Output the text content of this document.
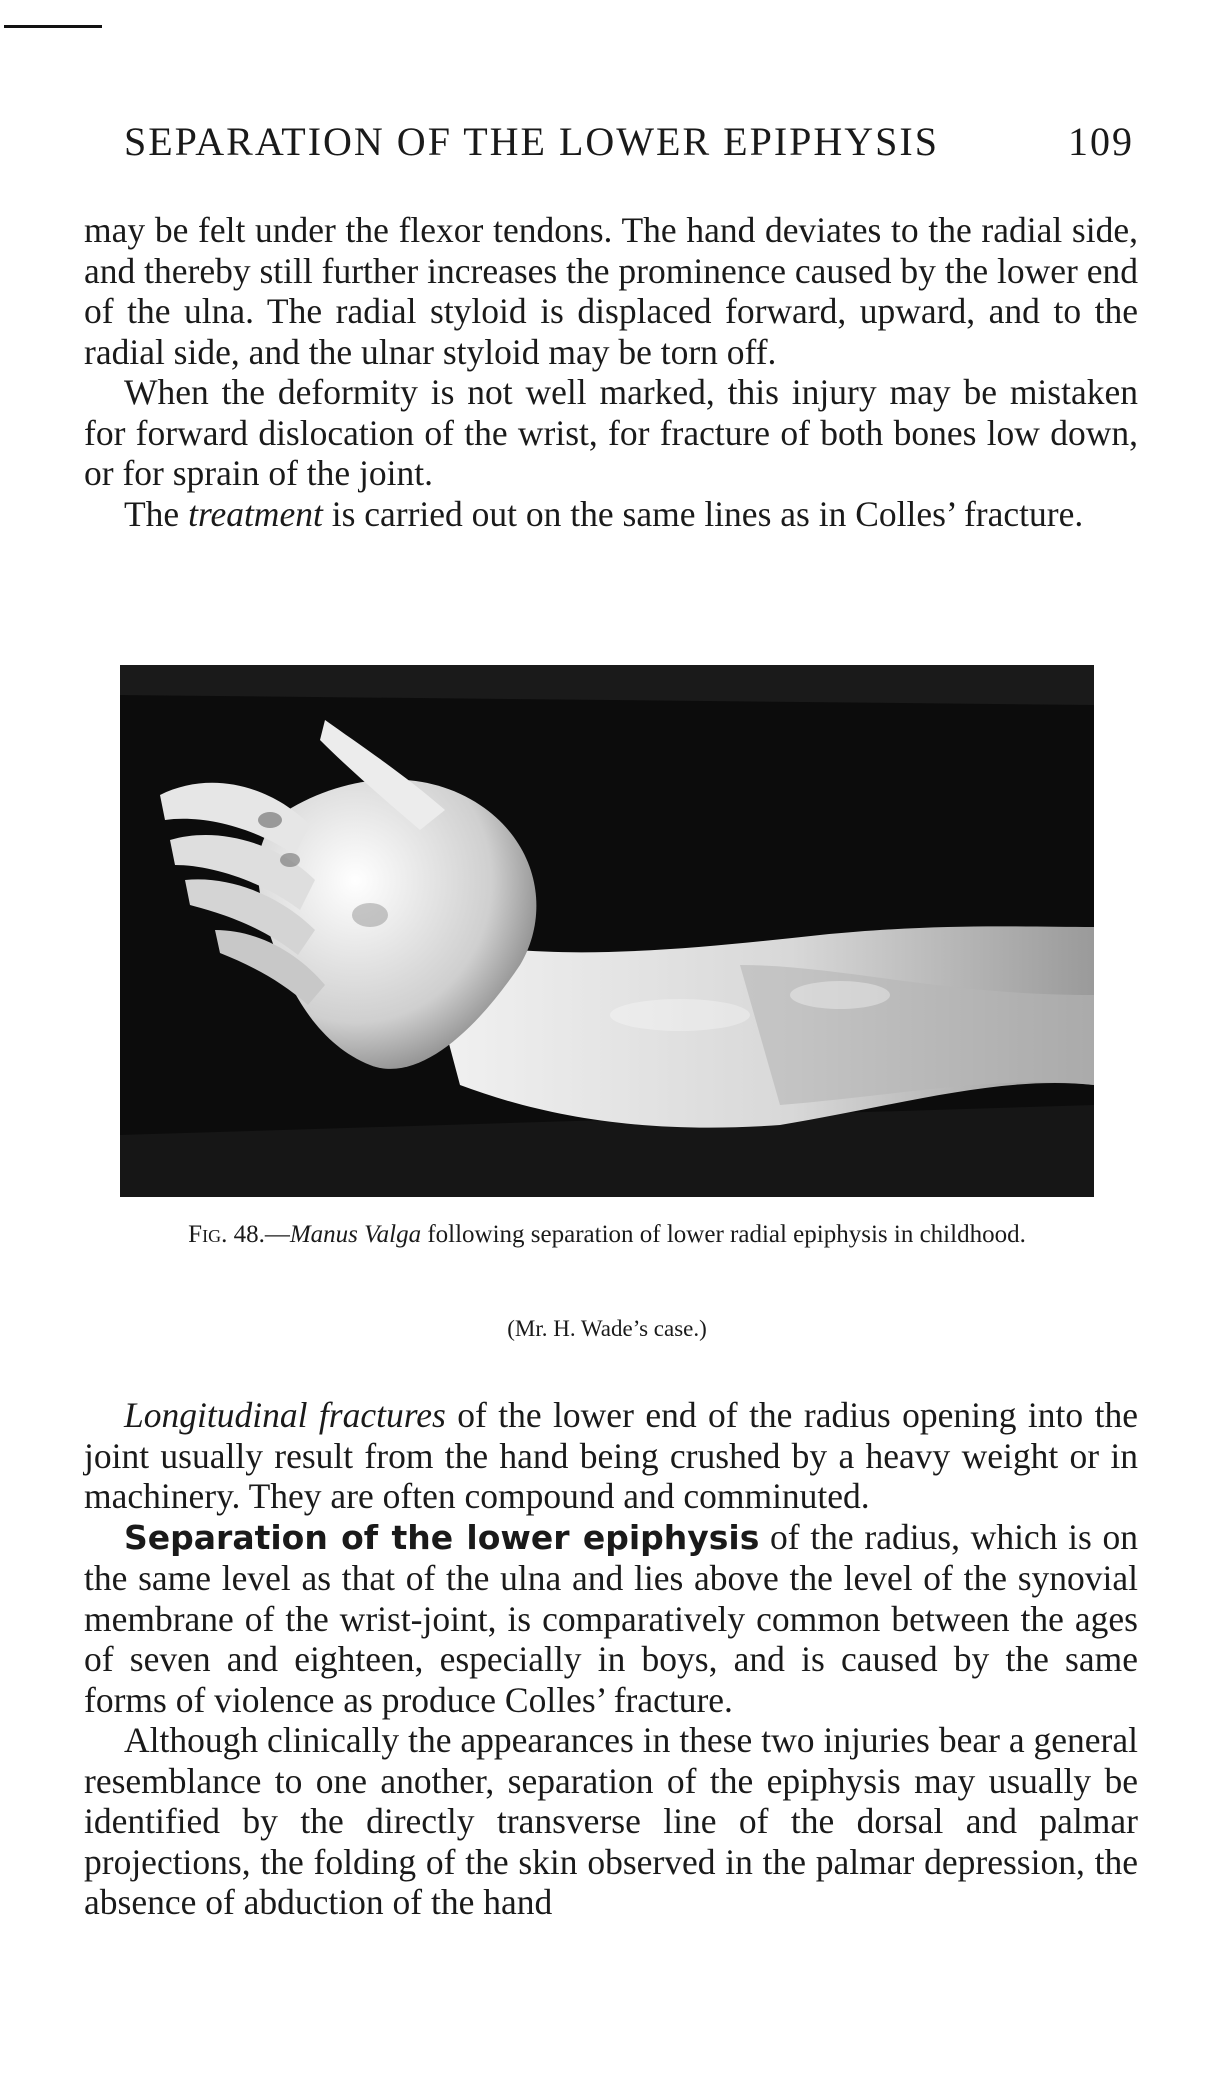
SEPARATION OF THE LOWER EPIPHYSIS	109

may be felt under the flexor tendons. The hand deviates to the radial side, and thereby still further increases the prominence caused by the lower end of the ulna. The radial styloid is displaced forward, upward, and to the radial side, and the ulnar styloid may be torn off.

When the deformity is not well marked, this injury may be mistaken for forward dislocation of the wrist, for fracture of both bones low down, or for sprain of the joint.

The treatment is carried out on the same lines as in Colles’ fracture.

Fig. 48.—Manus Valga following separation of lower radial epiphysis in childhood.
(Mr. H. Wade’s case.)

Longitudinal fractures of the lower end of the radius opening into the joint usually result from the hand being crushed by a heavy weight or in machinery. They are often compound and comminuted.

Separation of the lower epiphysis of the radius, which is on the same level as that of the ulna and lies above the level of the synovial membrane of the wrist-joint, is comparatively common between the ages of seven and eighteen, especially in boys, and is caused by the same forms of violence as produce Colles’ fracture.

Although clinically the appearances in these two injuries bear a general resemblance to one another, separation of the epiphysis may usually be identified by the directly transverse line of the dorsal and palmar projections, the folding of the skin observed in the palmar depression, the absence of abduction of the hand
